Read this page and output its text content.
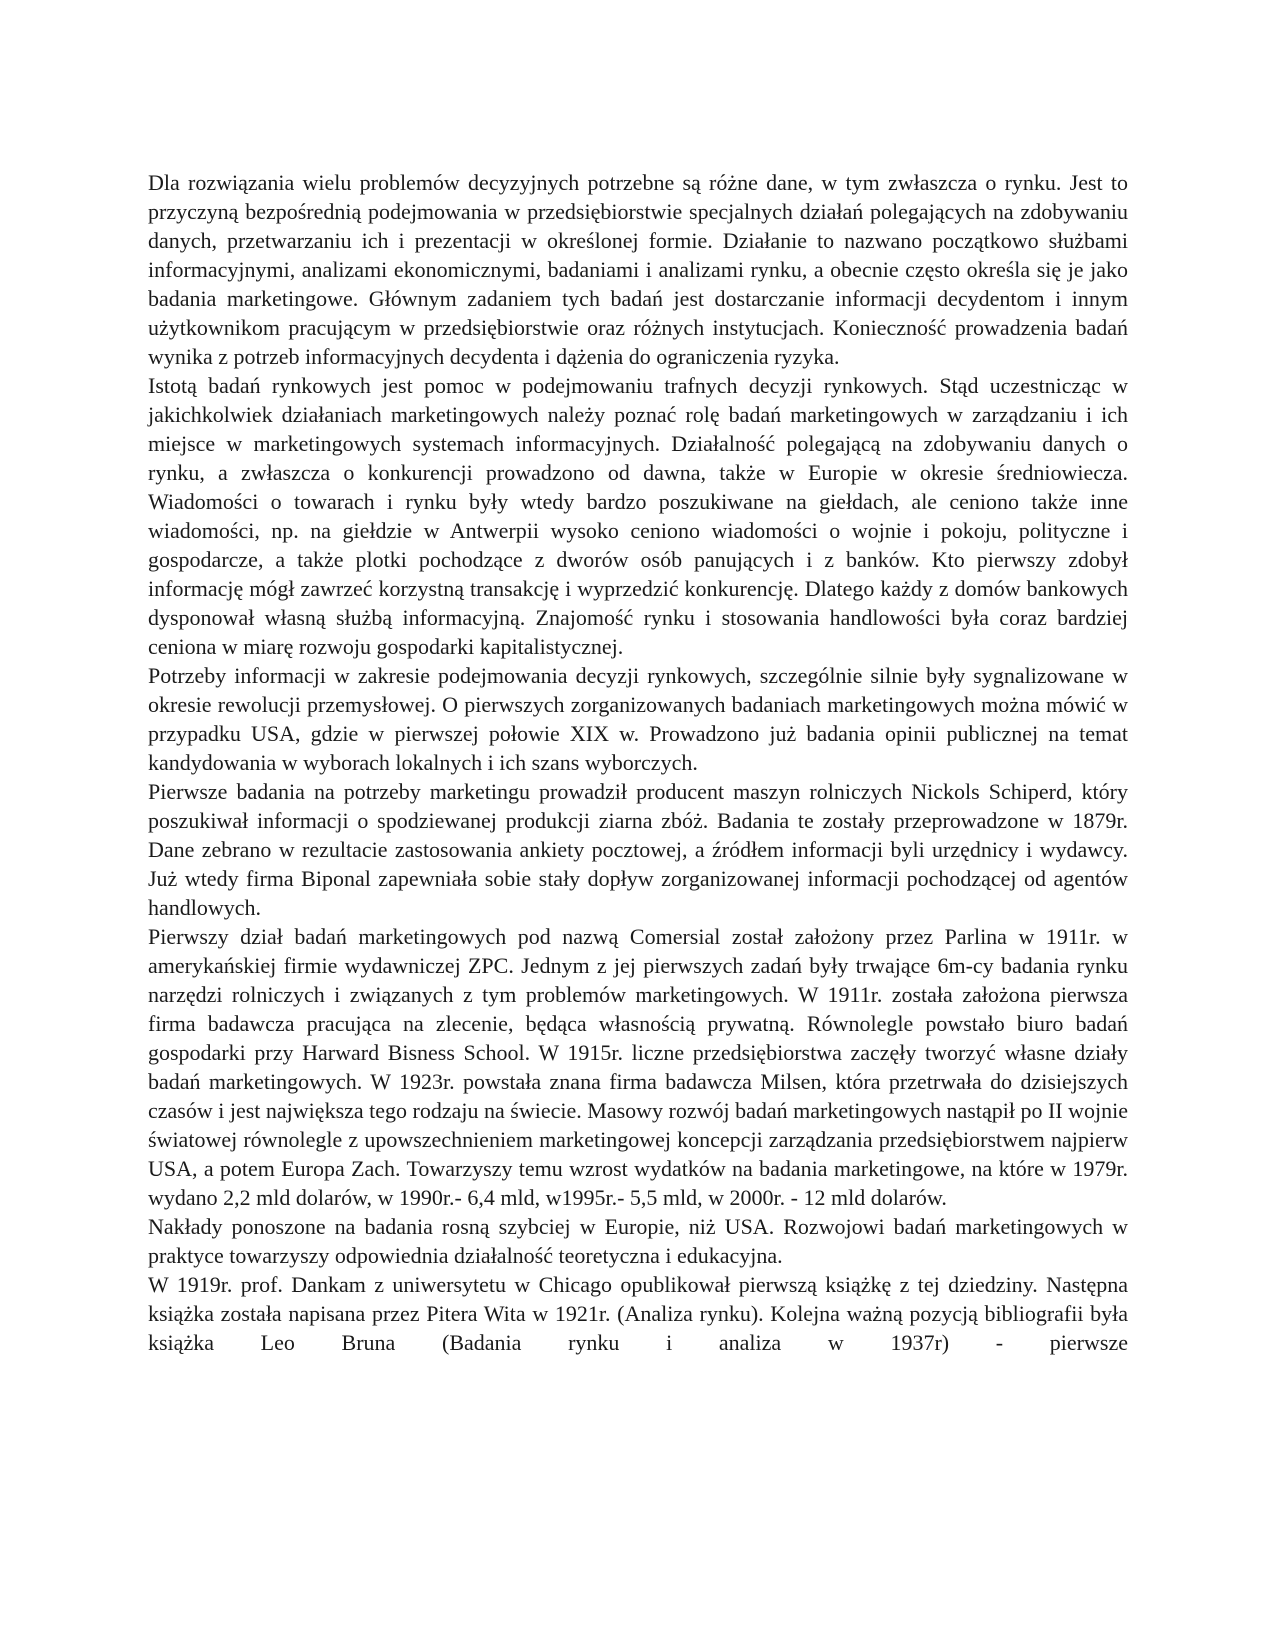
Dla rozwiązania wielu problemów decyzyjnych potrzebne są różne dane, w tym zwłaszcza o rynku. Jest to przyczyną bezpośrednią podejmowania w przedsiębiorstwie specjalnych działań polegających na zdobywaniu danych, przetwarzaniu ich i prezentacji w określonej formie. Działanie to nazwano początkowo służbami informacyjnymi, analizami ekonomicznymi, badaniami i analizami rynku, a obecnie często określa się je jako badania marketingowe. Głównym zadaniem tych badań jest dostarczanie informacji decydentom i innym użytkownikom pracującym w przedsiębiorstwie oraz różnych instytucjach. Konieczność prowadzenia badań wynika z potrzeb informacyjnych decydenta i dążenia do ograniczenia ryzyka.

Istotą badań rynkowych jest pomoc w podejmowaniu trafnych decyzji rynkowych. Stąd uczestnicząc w jakichkolwiek działaniach marketingowych należy poznać rolę badań marketingowych w zarządzaniu i ich miejsce w marketingowych systemach informacyjnych. Działalność polegającą na zdobywaniu danych o rynku, a zwłaszcza o konkurencji prowadzono od dawna, także w Europie w okresie średniowiecza. Wiadomości o towarach i rynku były wtedy bardzo poszukiwane na giełdach, ale ceniono także inne wiadomości, np. na giełdzie w Antwerpii wysoko ceniono wiadomości o wojnie i pokoju, polityczne i gospodarcze, a także plotki pochodzące z dworów osób panujących i z banków. Kto pierwszy zdobył informację mógł zawrzeć korzystną transakcję i wyprzedzić konkurencję. Dlatego każdy z domów bankowych dysponował własną służbą informacyjną. Znajomość rynku i stosowania handlowości była coraz bardziej ceniona w miarę rozwoju gospodarki kapitalistycznej.

Potrzeby informacji w zakresie podejmowania decyzji rynkowych, szczególnie silnie były sygnalizowane w okresie rewolucji przemysłowej. O pierwszych zorganizowanych badaniach marketingowych można mówić w przypadku USA, gdzie w pierwszej połowie XIX w. Prowadzono już badania opinii publicznej na temat kandydowania w wyborach lokalnych i ich szans wyborczych.

Pierwsze badania na potrzeby marketingu prowadził producent maszyn rolniczych Nickols Schiperd, który poszukiwał informacji o spodziewanej produkcji ziarna zbóż. Badania te zostały przeprowadzone w 1879r. Dane zebrano w rezultacie zastosowania ankiety pocztowej, a źródłem informacji byli urzędnicy i wydawcy. Już wtedy firma Biponal zapewniała sobie stały dopływ zorganizowanej informacji pochodzącej od agentów handlowych.

Pierwszy dział badań marketingowych pod nazwą Comersial został założony przez Parlina w 1911r. w amerykańskiej firmie wydawniczej ZPC. Jednym z jej pierwszych zadań były trwające 6m-cy badania rynku narzędzi rolniczych i związanych z tym problemów marketingowych. W 1911r. została założona pierwsza firma badawcza pracująca na zlecenie, będąca własnością prywatną. Równolegle powstało biuro badań gospodarki przy Harward Bisness School. W 1915r. liczne przedsiębiorstwa zaczęły tworzyć własne działy badań marketingowych. W 1923r. powstała znana firma badawcza Milsen, która przetrwała do dzisiejszych czasów i jest największa tego rodzaju na świecie. Masowy rozwój badań marketingowych nastąpił po II wojnie światowej równolegle z upowszechnieniem marketingowej koncepcji zarządzania przedsiębiorstwem najpierw USA, a potem Europa Zach. Towarzyszy temu wzrost wydatków na badania marketingowe, na które w 1979r. wydano 2,2 mld dolarów, w 1990r.- 6,4 mld, w1995r.- 5,5 mld, w 2000r. - 12 mld dolarów.

Nakłady ponoszone na badania rosną szybciej w Europie, niż USA. Rozwojowi badań marketingowych w praktyce towarzyszy odpowiednia działalność teoretyczna i edukacyjna.

W 1919r. prof. Dankam z uniwersytetu w Chicago opublikował pierwszą książkę z tej dziedziny. Następna książka została napisana przez Pitera Wita w 1921r. (Analiza rynku). Kolejna ważną pozycją bibliografii była książka Leo Bruna (Badania rynku i analiza w 1937r) - pierwsze
